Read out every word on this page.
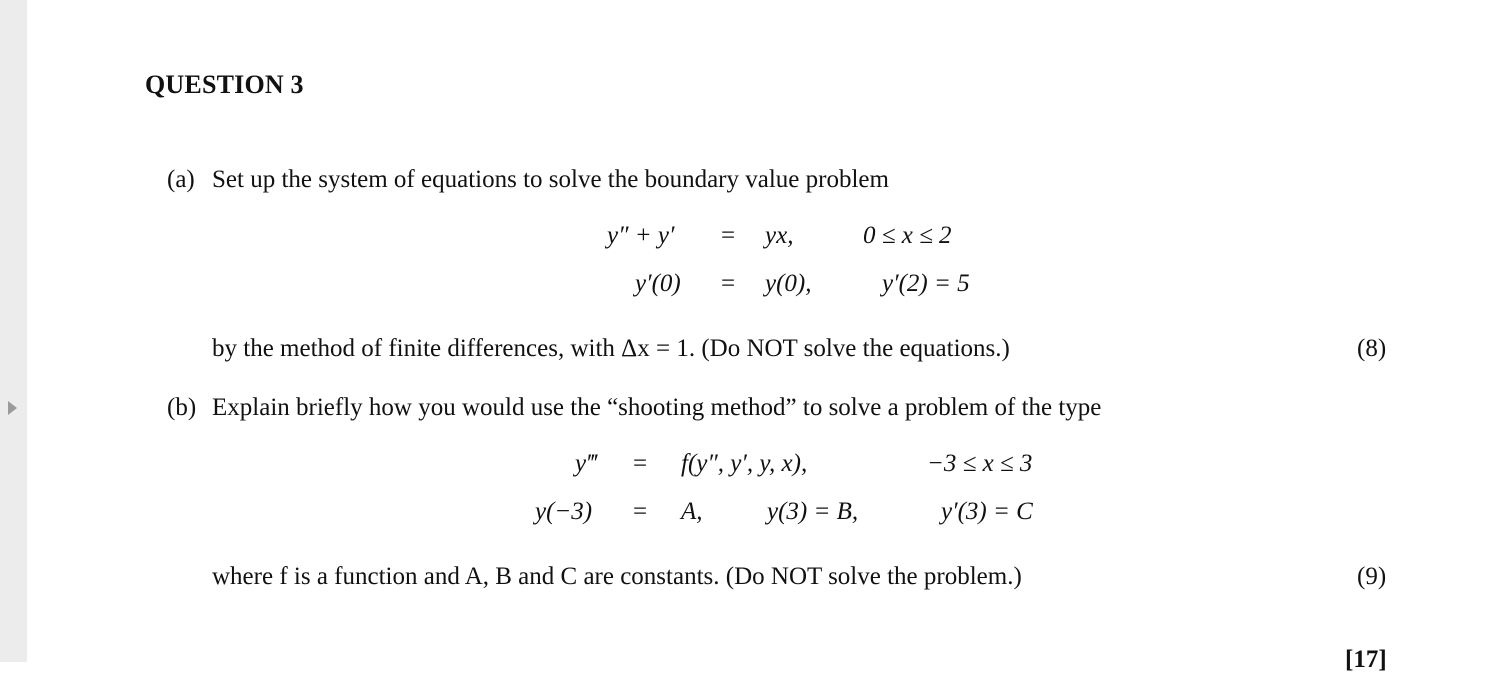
QUESTION 3
(a) Set up the system of equations to solve the boundary value problem
y″ + y′ = yx,	0 ≤ x ≤ 2
y′(0) = y(0),	y′(2) = 5
by the method of finite differences, with Δx = 1. (Do NOT solve the equations.)	(8)
(b) Explain briefly how you would use the “shooting method” to solve a problem of the type
y‴ = f(y″, y′, y, x),	−3 ≤ x ≤ 3
y(−3) = A,	y(3) = B,	y′(3) = C
where f is a function and A, B and C are constants. (Do NOT solve the problem.)	(9)
[17]
